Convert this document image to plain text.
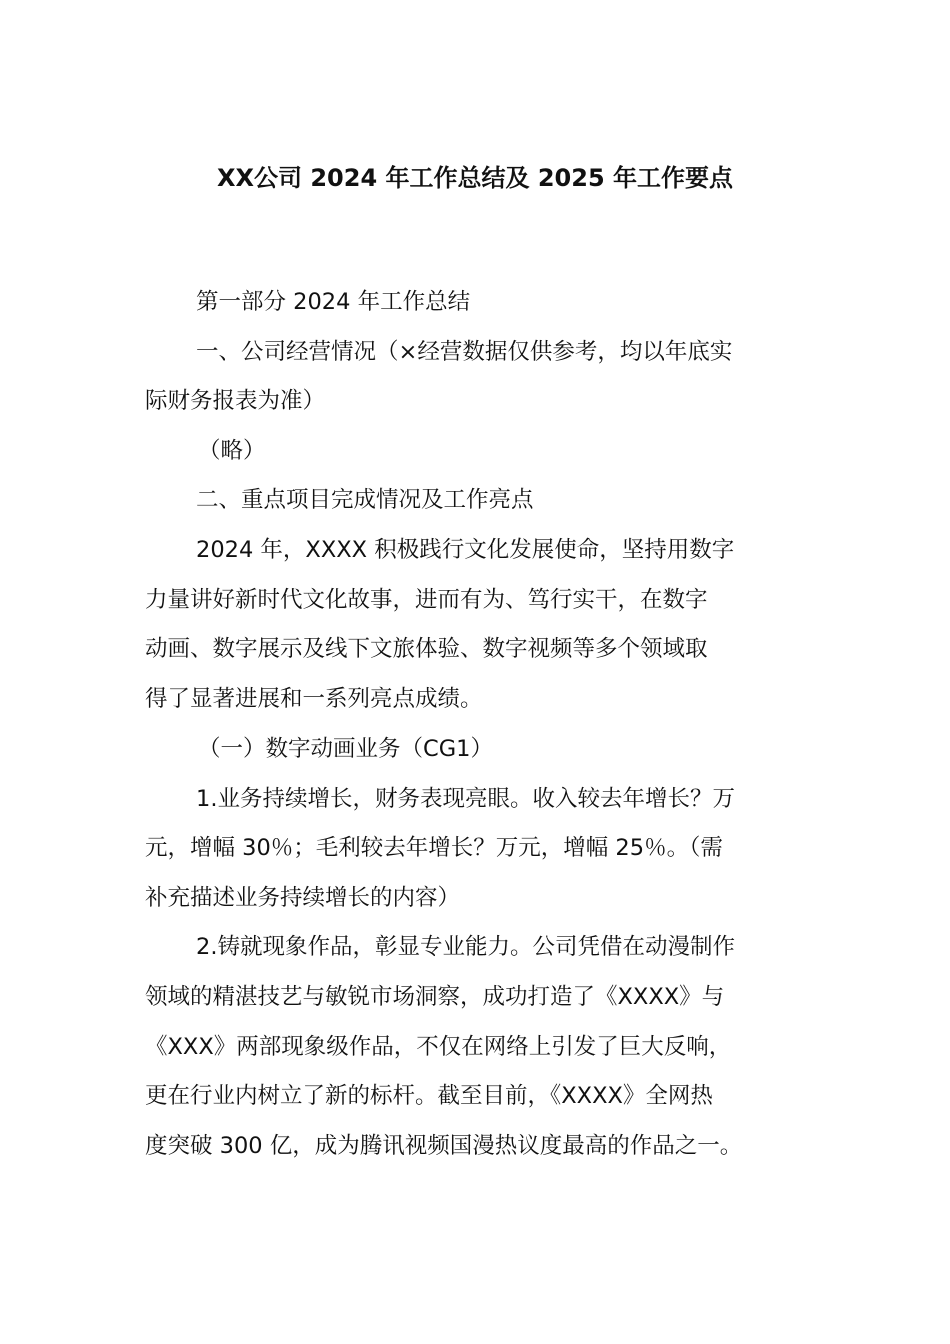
XX公司 2024 年工作总结及 2025 年工作要点
第一部分 2024 年工作总结
一、公司经营情况（×经营数据仅供参考，均以年底实
际财务报表为准）
（略）
二、重点项目完成情况及工作亮点
2024 年，XXXX 积极践行文化发展使命，坚持用数字
力量讲好新时代文化故事，进而有为、笃行实干，在数字
动画、数字展示及线下文旅体验、数字视频等多个领域取
得了显著进展和一系列亮点成绩。
（一）数字动画业务（CG1）
1.业务持续增长，财务表现亮眼。收入较去年增长？万
元，增幅 30％；毛利较去年增长？万元，增幅 25％。（需
补充描述业务持续增长的内容）
2.铸就现象作品，彰显专业能力。公司凭借在动漫制作
领域的精湛技艺与敏锐市场洞察，成功打造了《XXXX》与
《XXX》两部现象级作品，不仅在网络上引发了巨大反响，
更在行业内树立了新的标杆。截至目前，《XXXX》全网热
度突破 300 亿，成为腾讯视频国漫热议度最高的作品之一。
